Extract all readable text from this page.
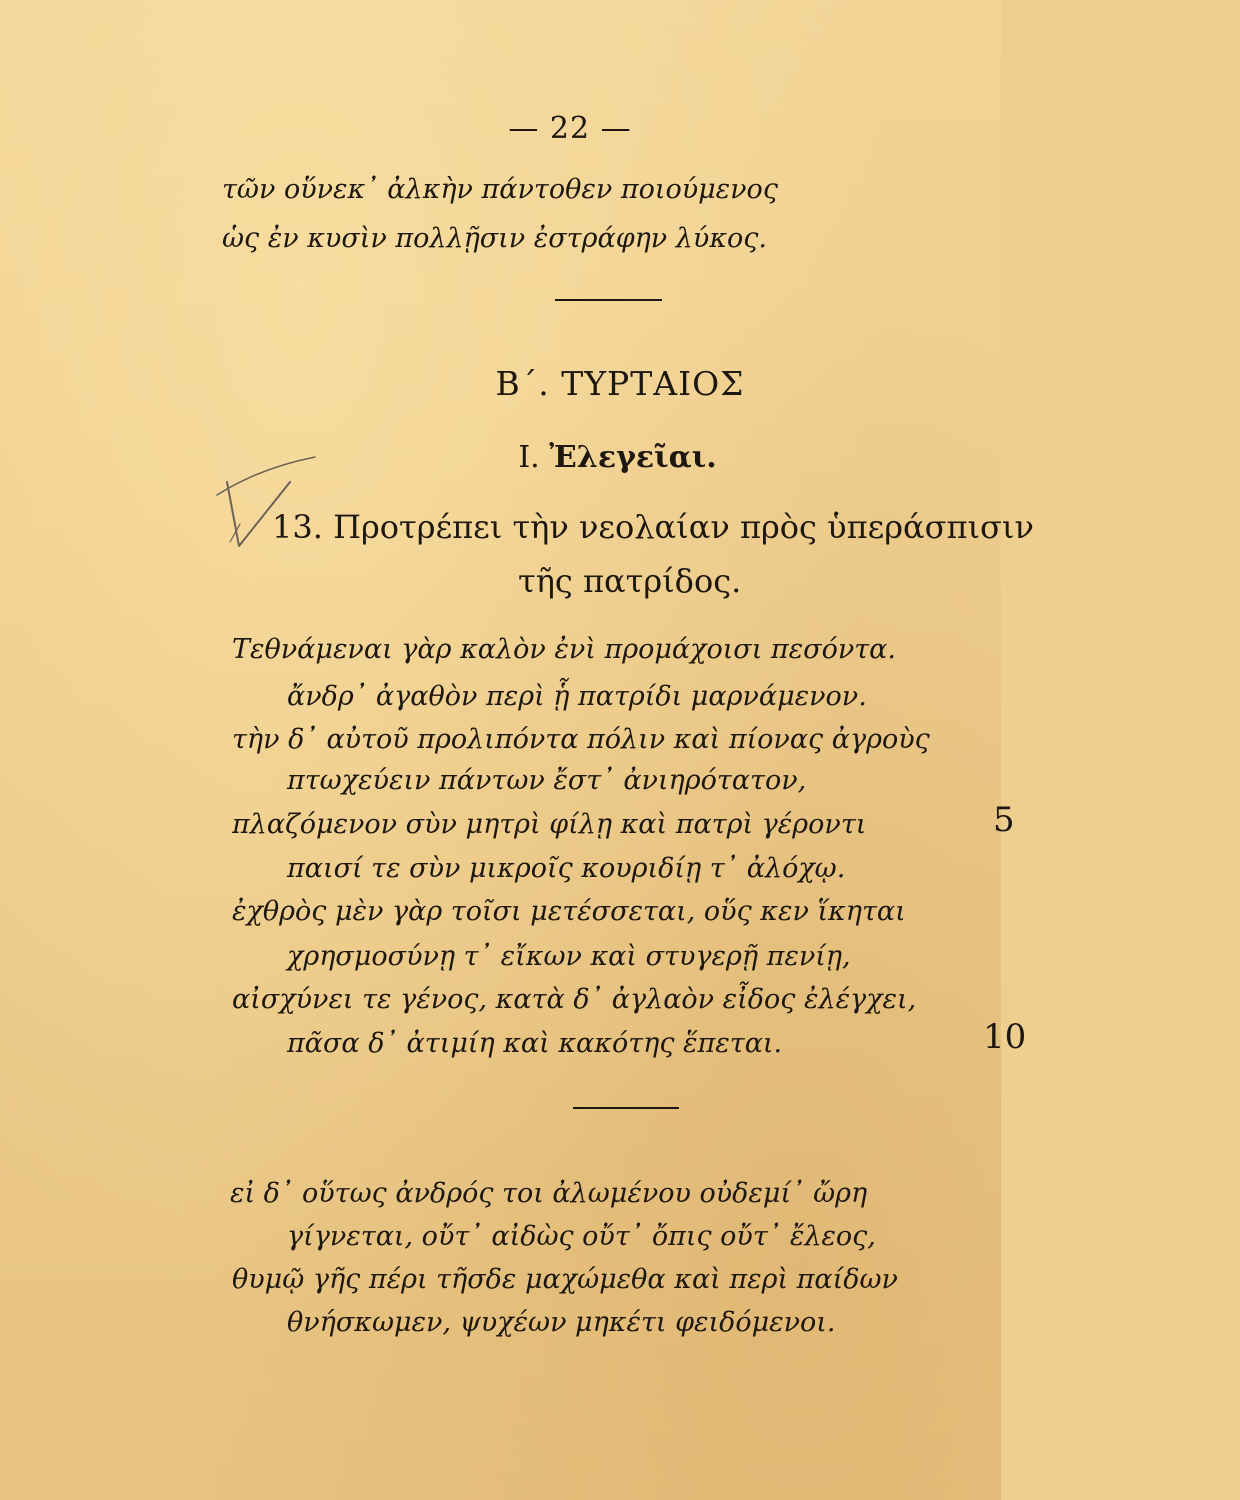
— 22 —
τῶν οὕνεκ᾽ ἀλκὴν πάντοθεν ποιούμενος
ὡς ἐν κυσὶν πολλῇσιν ἐστράφην λύκος.
Β΄. ΤΥΡΤΑΙΟΣ
Ι. Ἐλεγεῖαι.
13. Προτρέπει τὴν νεολαίαν πρὸς ὑπεράσπισιν
τῆς πατρίδος.
Τεθνάμεναι γὰρ καλὸν ἐνὶ προμάχοισι πεσόντα.
ἄνδρ᾽ ἀγαθὸν περὶ ᾗ πατρίδι μαρνάμενον.
τὴν δ᾽ αὐτοῦ προλιπόντα πόλιν καὶ πίονας ἀγροὺς
πτωχεύειν πάντων ἔστ᾽ ἀνιηρότατον,
πλαζόμενον σὺν μητρὶ φίλῃ καὶ πατρὶ γέροντι
παισί τε σὺν μικροῖς κουριδίῃ τ᾽ ἀλόχῳ.
ἐχθρὸς μὲν γὰρ τοῖσι μετέσσεται, οὕς κεν ἵκηται
χρησμοσύνῃ τ᾽ εἴκων καὶ στυγερῇ πενίῃ,
αἰσχύνει τε γένος, κατὰ δ᾽ ἀγλαὸν εἶδος ἐλέγχει,
πᾶσα δ᾽ ἀτιμίη καὶ κακότης ἕπεται.
εἰ δ᾽ οὕτως ἀνδρός τοι ἀλωμένου οὐδεμί᾽ ὤρη
γίγνεται, οὔτ᾽ αἰδὼς οὔτ᾽ ὄπις οὔτ᾽ ἔλεος,
θυμῷ γῆς πέρι τῆσδε μαχώμεθα καὶ περὶ παίδων
θνήσκωμεν, ψυχέων μηκέτι φειδόμενοι.
5
10
